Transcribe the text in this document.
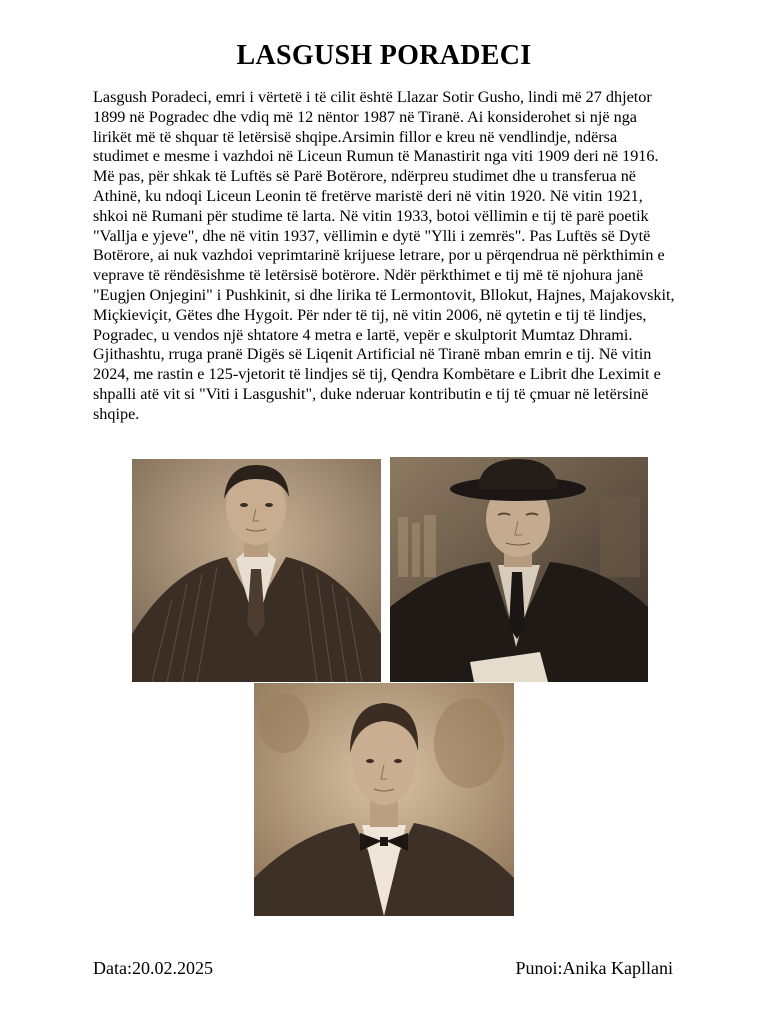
LASGUSH PORADECI
Lasgush Poradeci, emri i vërtetë i të cilit është Llazar Sotir Gusho, lindi më 27 dhjetor 1899 në Pogradec dhe vdiq më 12 nëntor 1987 në Tiranë. Ai konsiderohet si një nga lirikët më të shquar të letërsisë shqipe.Arsimin fillor e kreu në vendlindje, ndërsa studimet e mesme i vazhdoi në Liceun Rumun të Manastirit nga viti 1909 deri në 1916. Më pas, për shkak të Luftës së Parë Botërore, ndërpreu studimet dhe u transferua në Athinë, ku ndoqi Liceun Leonin të fretërve maristë deri në vitin 1920. Në vitin 1921, shkoi në Rumani për studime të larta. Në vitin 1933, botoi vëllimin e tij të parë poetik "Vallja e yjeve", dhe në vitin 1937, vëllimin e dytë "Ylli i zemrës". Pas Luftës së Dytë Botërore, ai nuk vazhdoi veprimtarinë krijuese letrare, por u përqendrua në përkthimin e veprave të rëndësishme të letërsisë botërore. Ndër përkthimet e tij më të njohura janë "Eugjen Onjegini" i Pushkinit, si dhe lirika të Lermontovit, Bllokut, Hajnes, Majakovskit, Miçkieviçit, Gëtes dhe Hygoit. Për nder të tij, në vitin 2006, në qytetin e tij të lindjes, Pogradec, u vendos një shtatore 4 metra e lartë, vepër e skulptorit Mumtaz Dhrami. Gjithashtu, rruga pranë Digës së Liqenit Artificial në Tiranë mban emrin e tij. Në vitin 2024, me rastin e 125-vjetorit të lindjes së tij, Qendra Kombëtare e Librit dhe Leximit e shpalli atë vit si "Viti i Lasgushit", duke nderuar kontributin e tij të çmuar në letërsinë shqipe.
Data:20.02.2025	Punoi:Anika Kapllani
